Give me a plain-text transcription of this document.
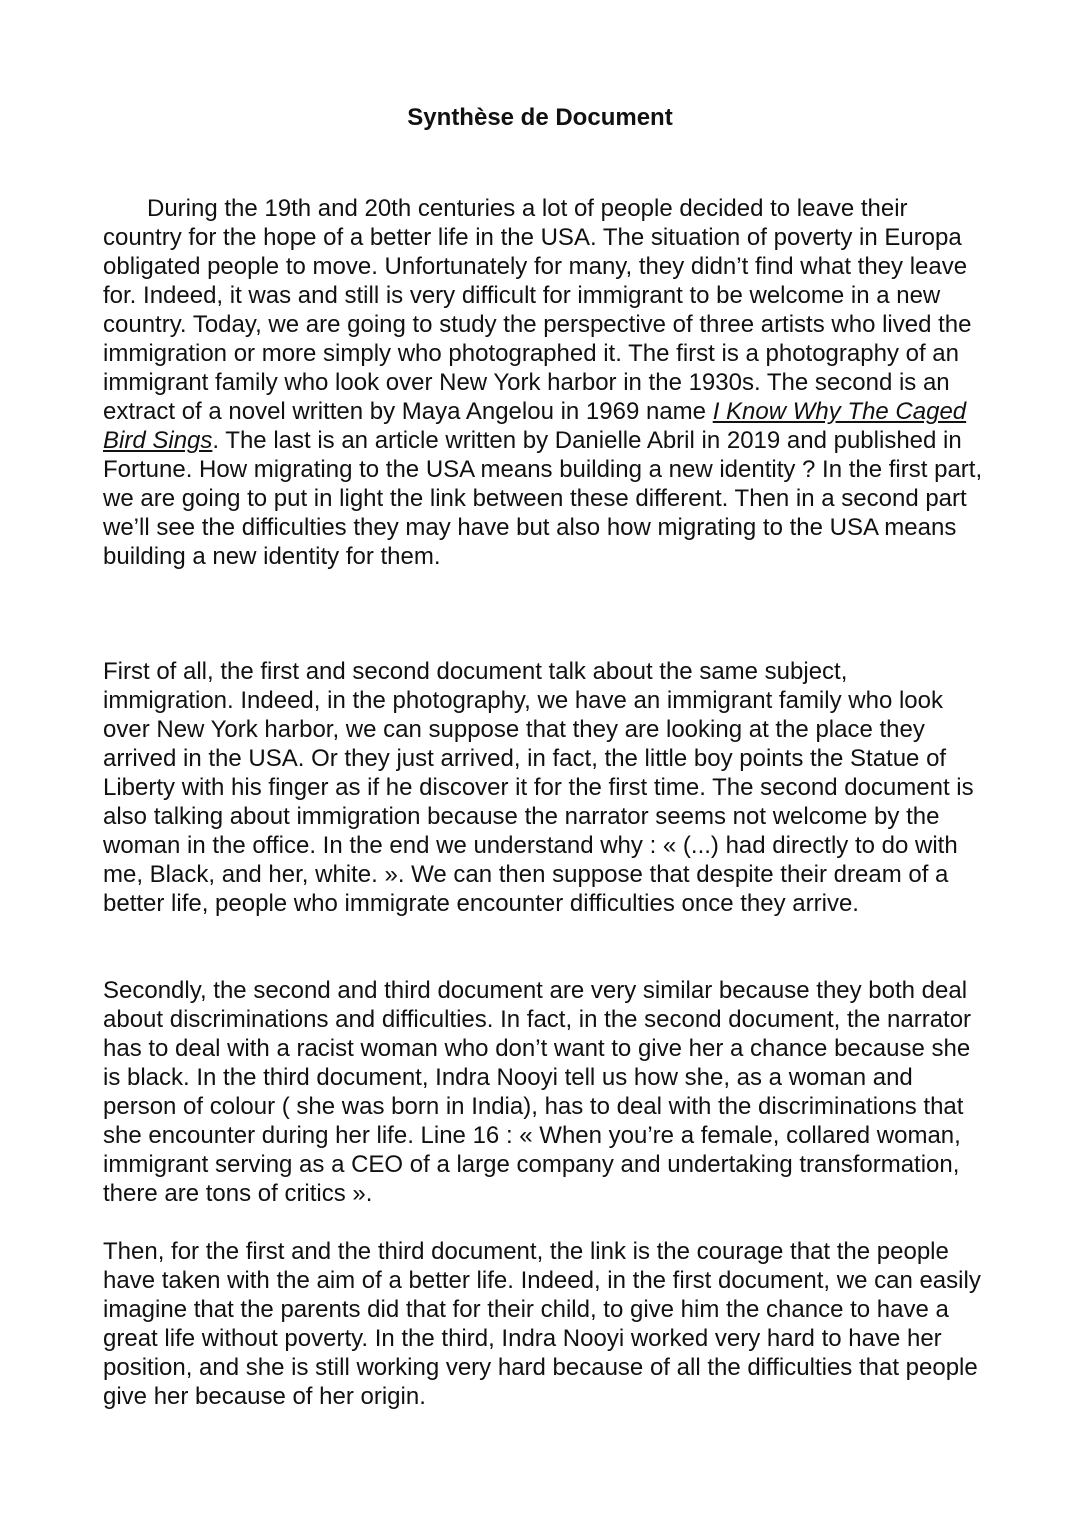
Synthèse de Document

During the 19th and 20th centuries a lot of people decided to leave their country for the hope of a better life in the USA. The situation of poverty in Europa obligated people to move. Unfortunately for many, they didn’t find what they leave for. Indeed, it was and still is very difficult for immigrant to be welcome in a new country. Today, we are going to study the perspective of three artists who lived the immigration or more simply who photographed it. The first is a photography of an immigrant family who look over New York harbor in the 1930s. The second is an extract of a novel written by Maya Angelou in 1969 name I Know Why The Caged Bird Sings. The last is an article written by Danielle Abril in 2019 and published in Fortune. How migrating to the USA means building a new identity ? In the first part, we are going to put in light the link between these different. Then in a second part we’ll see the difficulties they may have but also how migrating to the USA means building a new identity for them.

First of all, the first and second document talk about the same subject, immigration. Indeed, in the photography, we have an immigrant family who look over New York harbor, we can suppose that they are looking at the place they arrived in the USA. Or they just arrived, in fact, the little boy points the Statue of Liberty with his finger as if he discover it for the first time. The second document is also talking about immigration because the narrator seems not welcome by the woman in the office. In the end we understand why : « (...) had directly to do with me, Black, and her, white. ». We can then suppose that despite their dream of a better life, people who immigrate encounter difficulties once they arrive.

Secondly, the second and third document are very similar because they both deal about discriminations and difficulties. In fact, in the second document, the narrator has to deal with a racist woman who don’t want to give her a chance because she is black. In the third document, Indra Nooyi tell us how she, as a woman and person of colour ( she was born in India), has to deal with the discriminations that she encounter during her life. Line 16 : « When you’re a female, collared woman, immigrant serving as a CEO of a large company and undertaking transformation, there are tons of critics ».

Then, for the first and the third document, the link is the courage that the people have taken with the aim of a better life. Indeed, in the first document, we can easily imagine that the parents did that for their child, to give him the chance to have a great life without poverty. In the third, Indra Nooyi worked very hard to have her position, and she is still working very hard because of all the difficulties that people give her because of her origin.
